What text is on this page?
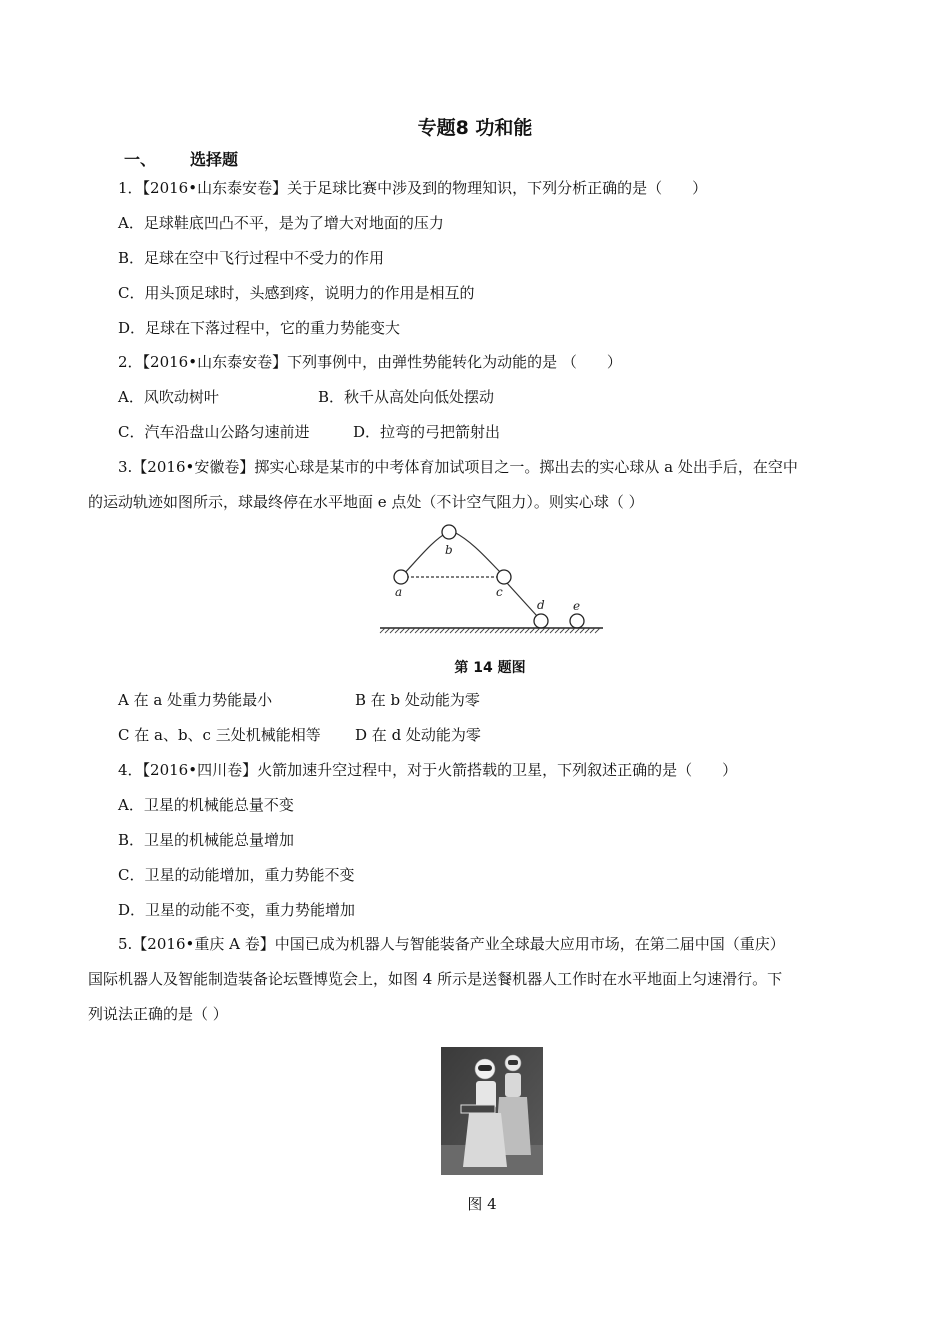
专题8 功和能
一、 选择题
1．【2016•山东泰安卷】关于足球比赛中涉及到的物理知识，下列分析正确的是（　　）
A．足球鞋底凹凸不平，是为了增大对地面的压力
B．足球在空中飞行过程中不受力的作用
C．用头顶足球时，头感到疼，说明力的作用是相互的
D．足球在下落过程中，它的重力势能变大
2．【2016•山东泰安卷】下列事例中，由弹性势能转化为动能的是 （　　）
A．风吹动树叶	B．秋千从高处向低处摆动
C．汽车沿盘山公路匀速前进	D．拉弯的弓把箭射出
3.【2016•安徽卷】掷实心球是某市的中考体育加试项目之一。掷出去的实心球从 a 处出手后，在空中
的运动轨迹如图所示，球最终停在水平地面 e 点处（不计空气阻力）。则实心球（ ）
b
a	c
d e
第 14 题图
A 在 a 处重力势能最小	B 在 b 处动能为零
C 在 a、b、c 三处机械能相等 D 在 d 处动能为零
4．【2016•四川卷】火箭加速升空过程中，对于火箭搭载的卫星，下列叙述正确的是（　　）
A．卫星的机械能总量不变
B．卫星的机械能总量增加
C．卫星的动能增加，重力势能不变
D．卫星的动能不变，重力势能增加
5.【2016•重庆 A 卷】中国已成为机器人与智能装备产业全球最大应用市场，在第二届中国（重庆）
国际机器人及智能制造装备论坛暨博览会上，如图 4 所示是送餐机器人工作时在水平地面上匀速滑行。下
列说法正确的是（ ）
图 4
